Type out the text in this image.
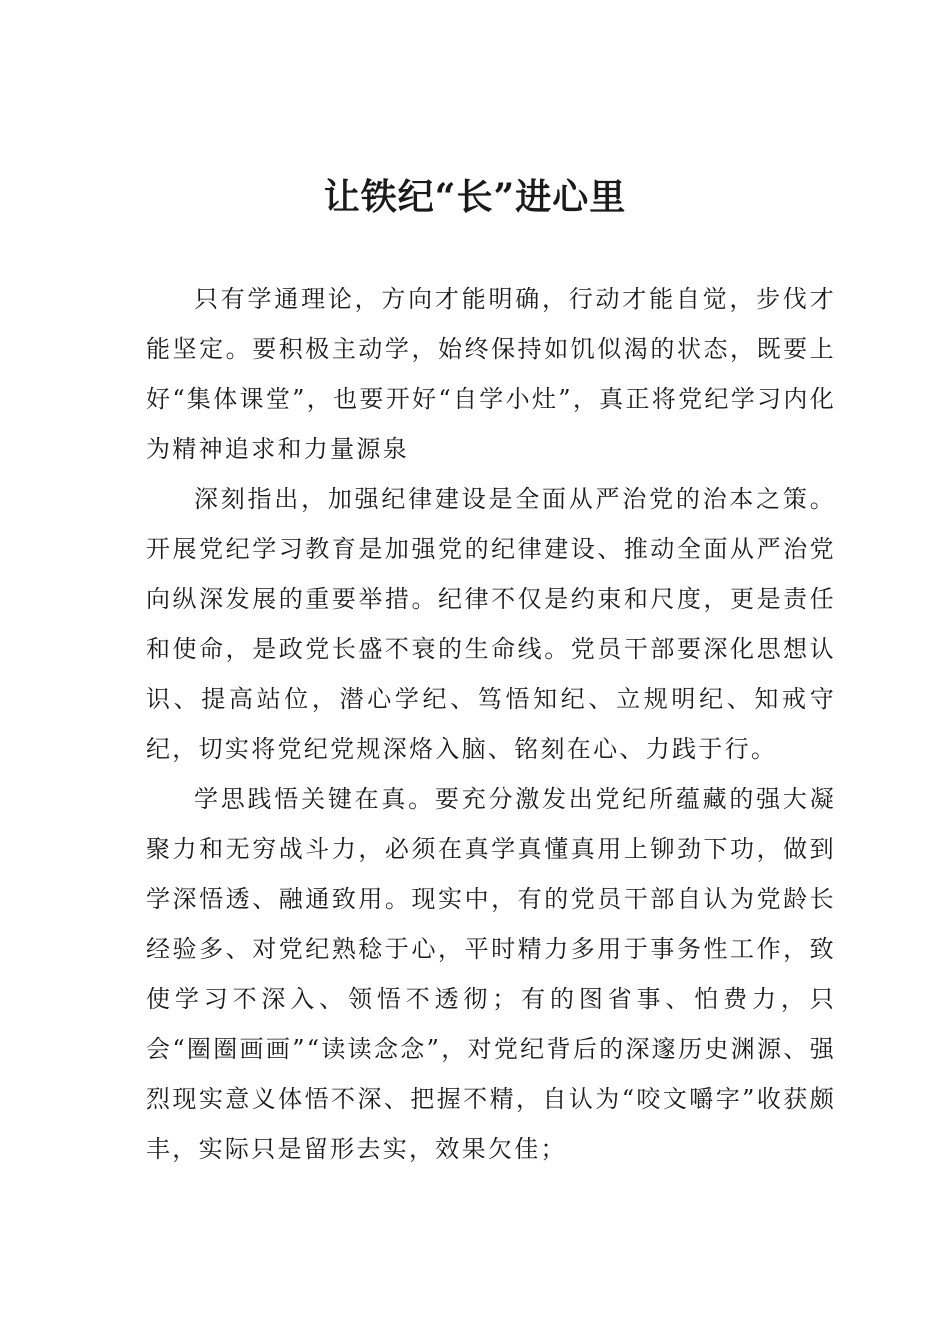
让铁纪“长”进心里

只有学通理论，方向才能明确，行动才能自觉，步伐才能坚定。要积极主动学，始终保持如饥似渴的状态，既要上好“集体课堂”，也要开好“自学小灶”，真正将党纪学习内化为精神追求和力量源泉

深刻指出，加强纪律建设是全面从严治党的治本之策。开展党纪学习教育是加强党的纪律建设、推动全面从严治党向纵深发展的重要举措。纪律不仅是约束和尺度，更是责任和使命，是政党长盛不衰的生命线。党员干部要深化思想认识、提高站位，潜心学纪、笃悟知纪、立规明纪、知戒守纪，切实将党纪党规深烙入脑、铭刻在心、力践于行。

学思践悟关键在真。要充分激发出党纪所蕴藏的强大凝聚力和无穷战斗力，必须在真学真懂真用上铆劲下功，做到学深悟透、融通致用。现实中，有的党员干部自认为党龄长经验多、对党纪熟稔于心，平时精力多用于事务性工作，致使学习不深入、领悟不透彻；有的图省事、怕费力，只会“圈圈画画”“读读念念”，对党纪背后的深邃历史渊源、强烈现实意义体悟不深、把握不精，自认为“咬文嚼字”收获颇丰，实际只是留形去实，效果欠佳；
